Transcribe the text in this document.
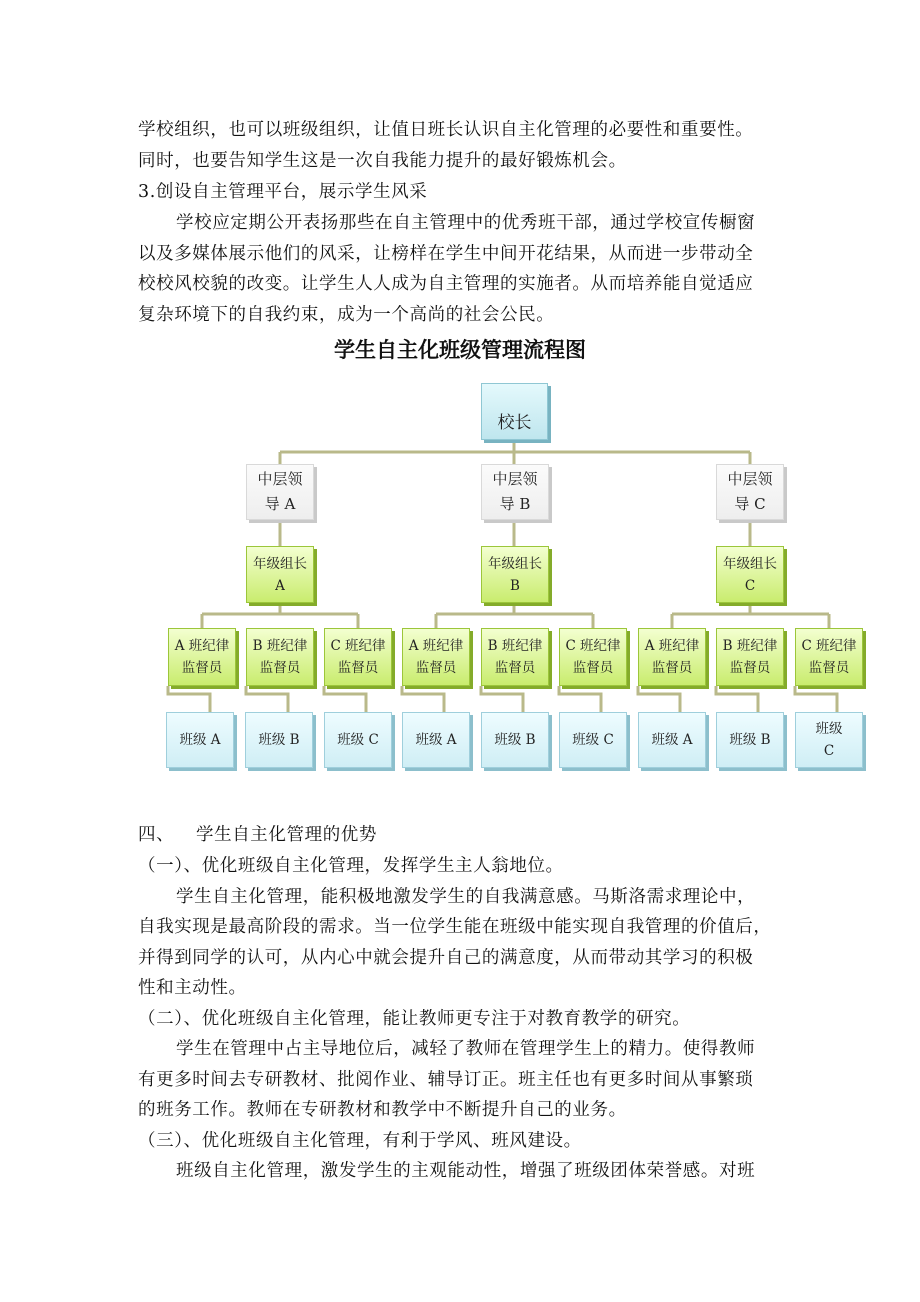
学校组织，也可以班级组织，让值日班长认识自主化管理的必要性和重要性。
同时，也要告知学生这是一次自我能力提升的最好锻炼机会。
3.创设自主管理平台，展示学生风采
学校应定期公开表扬那些在自主管理中的优秀班干部，通过学校宣传橱窗
以及多媒体展示他们的风采，让榜样在学生中间开花结果，从而进一步带动全
校校风校貌的改变。让学生人人成为自主管理的实施者。从而培养能自觉适应
复杂环境下的自我约束，成为一个高尚的社会公民。
学生自主化班级管理流程图
校长
中层领
导 A
年级组长
A
A 班纪律
监督员
B 班纪律
监督员
C 班纪律
监督员
班级 A	班级 B	班级 C
中层领
导 B
年级组长
B
A 班纪律
监督员
B 班纪律
监督员
C 班纪律
监督员
班级 A	班级 B	班级 C
中层领
导 C
年级组长
C
A 班纪律
监督员
B 班纪律
监督员
C 班纪律
监督员
班级 A	班级 B
班级
C
四、 学生自主化管理的优势
（一）、优化班级自主化管理，发挥学生主人翁地位。
学生自主化管理，能积极地激发学生的自我满意感。马斯洛需求理论中，
自我实现是最高阶段的需求。当一位学生能在班级中能实现自我管理的价值后，
并得到同学的认可，从内心中就会提升自己的满意度，从而带动其学习的积极
性和主动性。
（二）、优化班级自主化管理，能让教师更专注于对教育教学的研究。
学生在管理中占主导地位后，减轻了教师在管理学生上的精力。使得教师
有更多时间去专研教材、批阅作业、辅导订正。班主任也有更多时间从事繁琐
的班务工作。教师在专研教材和教学中不断提升自己的业务。
（三）、优化班级自主化管理，有利于学风、班风建设。
班级自主化管理，激发学生的主观能动性，增强了班级团体荣誉感。对班
